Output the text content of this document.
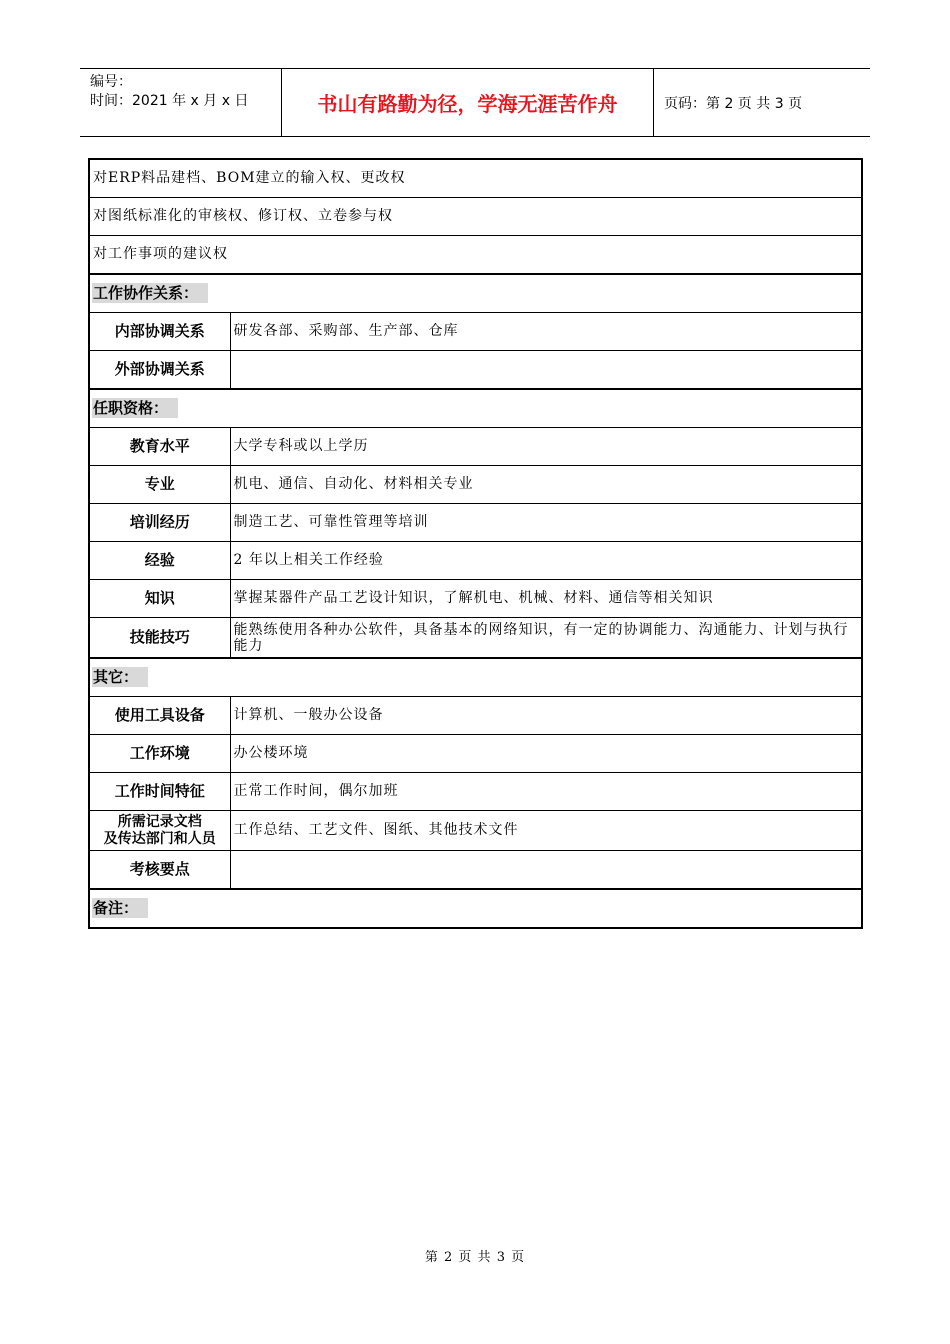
编号：
时间：2021 年 x 月 x 日	书山有路勤为径，学海无涯苦作舟	页码：第 2 页 共 3 页
对ERP料品建档、BOM建立的输入权、更改权	
对图纸标准化的审核权、修订权、立卷参与权	
对工作事项的建议权	
工作协作关系：	
内部协调关系	研发各部、采购部、生产部、仓库
外部协调关系	
任职资格：	
教育水平	大学专科或以上学历
专业	机电、通信、自动化、材料相关专业
培训经历	制造工艺、可靠性管理等培训
经验	2 年以上相关工作经验
知识	掌握某器件产品工艺设计知识，了解机电、机械、材料、通信等相关知识
技能技巧	能熟练使用各种办公软件，具备基本的网络知识，有一定的协调能力、沟通能力、计划与执行能力
其它：	
使用工具设备	计算机、一般办公设备
工作环境	办公楼环境
工作时间特征	正常工作时间，偶尔加班

所需记录文档
及传达部门和人员	工作总结、工艺文件、图纸、其他技术文件
考核要点	
备注：	
第 2 页 共 3 页
